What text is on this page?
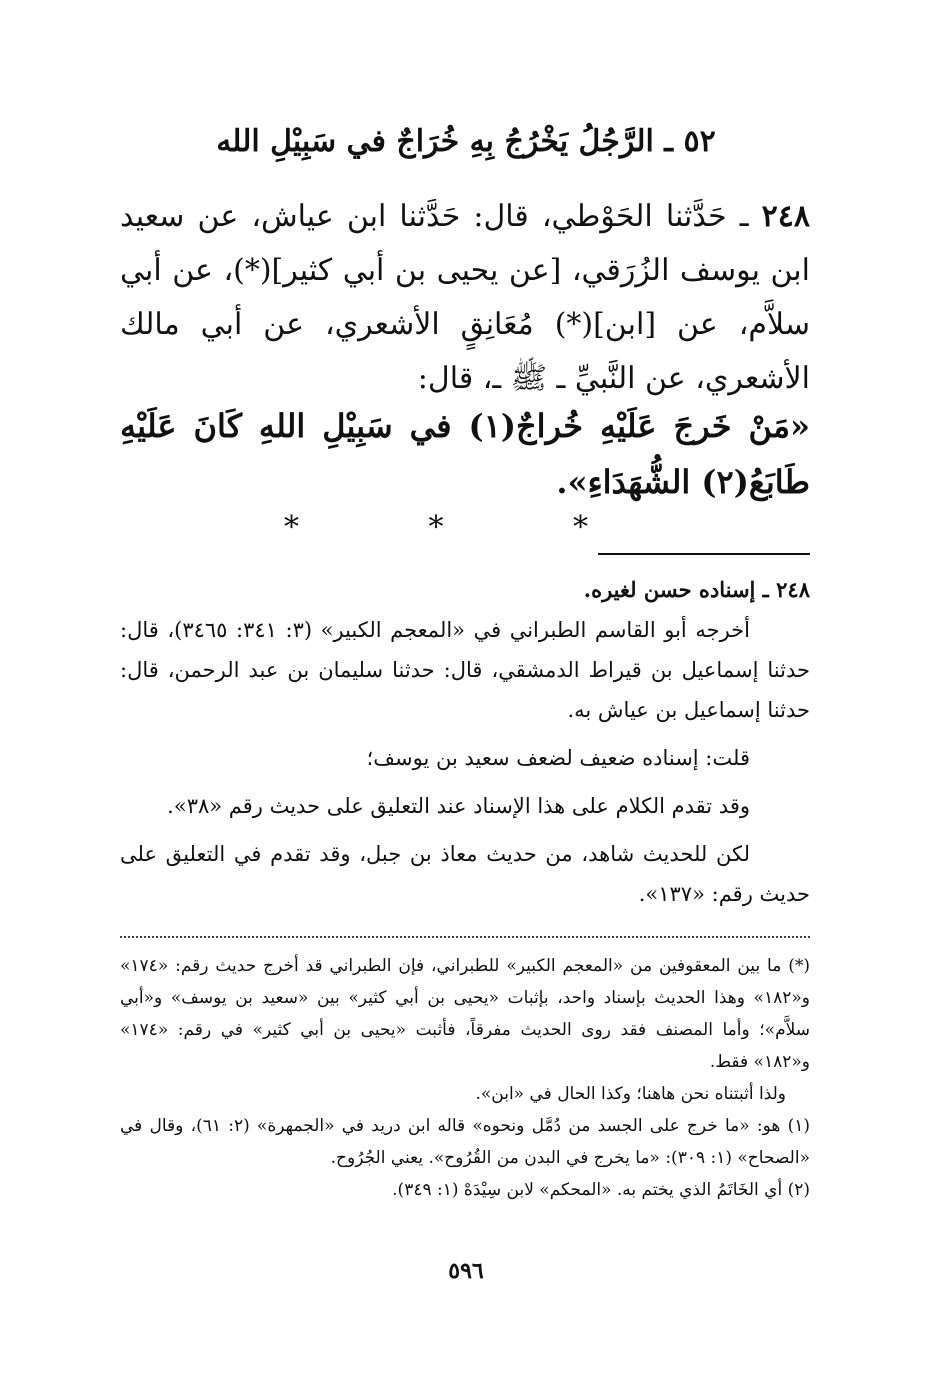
٥٢ ـ الرَّجُلُ يَخْرُجُ بِهِ خُرَاجٌ في سَبِيْلِ الله

٢٤٨ ـ حَدَّثنا الحَوْطي، قال: حَدَّثنا ابن عياش، عن سعيد ابن يوسف الزُرَقي، [عن يحيى بن أبي كثير](*)، عن أبي سلاَّم، عن [ابن](*) مُعَانِقٍ الأشعري، عن أبي مالك الأشعري، عن النَّبيِّ ـ ﷺ ـ، قال:

«مَنْ خَرجَ عَلَيْهِ خُراجٌ(١) في سَبِيْلِ اللهِ كَانَ عَلَيْهِ طَابَعُ(٢) الشُّهَدَاءِ».

* * *

٢٤٨ ـ إسناده حسن لغيره.

أخرجه أبو القاسم الطبراني في «المعجم الكبير» (٣: ٣٤١: ٣٤٦٥)، قال: حدثنا إسماعيل بن قيراط الدمشقي، قال: حدثنا سليمان بن عبد الرحمن، قال: حدثنا إسماعيل بن عياش به.

قلت: إسناده ضعيف لضعف سعيد بن يوسف؛

وقد تقدم الكلام على هذا الإسناد عند التعليق على حديث رقم «٣٨».

لكن للحديث شاهد، من حديث معاذ بن جبل، وقد تقدم في التعليق على حديث رقم: «١٣٧».

(*) ما بين المعقوفين من «المعجم الكبير» للطبراني، فإن الطبراني قد أخرج حديث رقم: «١٧٤» و«١٨٢» وهذا الحديث بإسناد واحد، بإثبات «يحيى بن أبي كثير» بين «سعيد بن يوسف» و«أبي سلاَّم»؛ وأما المصنف فقد روى الحديث مفرقاً، فأثبت «يحيى بن أبي كثير» في رقم: «١٧٤» و«١٨٢» فقط.

ولذا أثبتناه نحن هاهنا؛ وكذا الحال في «ابن».

(١) هو: «ما خرج على الجسد من دُمَّل ونحوه» قاله ابن دريد في «الجمهرة» (٢: ٦١)، وقال في «الصحاح» (١: ٣٠٩): «ما يخرج في البدن من القُرُوح». يعني الجُرُوح.

(٢) أي الخَاتَمُ الذي يختم به. «المحكم» لابن سِيْدَهْ (١: ٣٤٩).

٥٩٦
